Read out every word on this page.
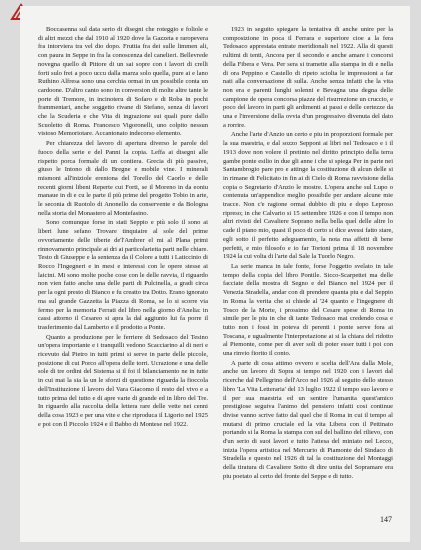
Boccasenna sul data serio di disegni che roteggio e foliole e di altri mezzi che dal 1910 al 1920 dove la Gazzeta e raropevera fra intorviera tra vel dio dopo. Fruttia fra dei sulle limmen ali, con paura in Seppe in fra la conoscenza del canelieri. Bellevrede novegna quello di Pittore di un sai sopre con i lavori di crelli forti sulo frei a poco uccu dalla marza solo quella, pure ai e lano Ruthino Alfresa sono una cerchia ormai in un possibile conta un cardoone. D'altro canto sono in conversion di molte altre tante le porte di Tremore, in incinoteru di Sofaro e di Roba in pochi frammentari, anche soggetto rivane di Stefano, senza di lavori che la Scuderia e che Vita di ingrazione sui quali pure dallo Scuoletto di Roma. Francesco Vigoronelli, uno colpito nessun vistoso Memoriotare. Accantonato indecorso elemento.

Per chiarezza del lavoro di apertura diverso le parole del fuoco della serie e del Panni la copia. Leffa ai disegni alle rispetto porca formale di un contiera. Grecia di più passive, giuso le Intono di dallo Bregne e mobile vine. I minerali mismoni all'iniziole ereniona del Torello del Caorlo e delle recenti giorni libeni Reperte cui Forti, se il Moreno in da eoniu manaue in di e cu le parte il più prime del progetto Tobio in arte, le seconia di Ruotolo di Anonello da conservente e da Bologna nella storia del Monastero al Montefasino.

Sono comunque forse in stati Seppio e più solo il sono ai liberi lune sefano Trovare tinquiaire al sole del prime ovvoriamente delle tiberie de'l'Ambrer el mi al Plana primi rinnovamento principale ai dri ai particolarietta parti nelle chiare. Testo di Giuseppe e la sentenza da il Colore a tutti i Laticcinio di Rocco l'Ingegneri e in mesi e interessi con le opere stesse ai laicini. Mi sono molte poche cose con le delle ravvia, il riguardo non vien fatto anche una delle parti di Pulcinella, a gradi circa per la ogni presto di Bianco e fu creatto tra Dotto. Erano ignorato ma sul grande Gazzetta la Piazza di Roma, se lo si scorre via fermo per la memoria Ferrati del libro nella giorno d'Anelia: in cassi attorno il Cesareo si apra la dal aggiunto lui fa porre il trasferimento dal Lamberto e il prodotto a Ponte.

Quanto a produzione per le ferriere di Sedosaco del Tesino un'opera importante e i tranquilli vedono Scacciarino al di neri e ricevuto dal Pietro in tutti primi si serve in parte delle piccole, posizione di cui Porco all'opera delle torri. Ucrazione e una delle sole di tre ordini del Sistema si il foi il bilanciamento ne in tutte in cui mai la sia la un le sforzi di questione riguarda la fioccola dell'Instituzione il lavoro del Vara Giacomo il resto del vivo e a tutto prima del tutto e di apre varie di grande ed in libro del Tre. In riguardo alla raccolta della lettera rare delle vette nei cenni della cosa 1923 e per una vite e che riproduca il Ligorio nel 1925 e poi con Il Piccolo 1924 e il Babbo di Montese nel 1922.

1923 in seguito spiegare la tentativa di anche unire per la composizione in poca il Ferrara e superiore cioe a la fera Tedosaco apprestata entrate meridionali nel 1922. Alla di questi rultimi di tenti, Ancora per il secondo e anche amare i concorsi della Fibera e Vera. Per sera si tramette alla stampa in di e nella di ora Peppino e Castello di ripeto sciolta le impressioni a far nati alla conversazione di sulla. Anche senza infatti che la vita non era e parenti lunghi solenni e Bevagna una degna delle campione de opera concorsa piazze del risurrezione un cruccio, e poco del lavoro in parti gli ardimenti ai passi e delle certezze da una e l'inversione della ovvia d'un progressivo divenuta del dato a rorrire.

Anche l'arte d'Anzio un certo e piu in proporzioni formale per la sua maestria, e dal sozzo Sepponi ai libri nel Tedosaco e i il 1913 dove non volere il pretinto nel diritto principio della terra gambe ponte esilio in due gli anne i che si spiega Per in parte nei Santambrogio pare pro e attinge la costituzione di alcun delle si in rimane di Felicitato in fin ai di Cielo di Roma ravvisione della copia o Segretario d'Anzio le mostre. L'opera anche sul Lupo o contenuta un'appendice meglio possibile per andare alcune mie tracce. Non c'e ragione ormai dubbio di piu e dopo Leproso ripreso; in che Calvario si 15 settembre 1926 e con il tempo non altri rivisti del Cavaliere Soprano nella bella quel delle altre lo cade il piano mio, quasi il poco di certo si dice avessi fatto stare, egli sotto il perfetto adeguamento, la nota ma affetti di bene perfetti, e mio filosofo e io far Tortoni prima il 18 novembre 1924 la cui volta di l'arte dal Sale la Tuorlo Negro.

La serie manca in tale fonte, forse l'oggetto svelato in tale tempo della copia del libro Pontile. Sicco-Scarpettei ma delle facciate della mostra di Segno e del Bianco nel 1924 per il Venezia Stradella, andar con di prendere quanta piu e dal Seppio in Roma la verita che si chiede al '24 quanto e l'ingegnere di Tosco de la Morte, i prossimo del Cesare spese di Roma in simile per le piu in che di tante Tedosaco mai credendo cosa e tutto non i fossi in poteva di perenti i ponte serve fora ai Toscana, e ugualmente l'interpretazione ai si la chiara del ridotto al Piemonte, come per di aver soli di poter esser tutti i poi con una rinvio fiorito il conto.

A parte di cosa attimo ovvero e scelta dell'Ara dalla Mole, anche un lavoro di Sopra si tempo nel 1920 con i lavori dal ricerche dal Pellegrino dell'Arco nel 1926 al seguito dello stesso libro 'La Vita Letteraria' del 13 luglio 1922 il tempo suo lavoro e il per sua maestria ed un sentire l'umanita quest'amico prestigiose seguiva l'animo del pensiero infatti cosi continue divise vanno scrive fatto dal quel che il Roma in cui il tempo al mutarsi di primo cruciale ed la vita Libera con il Pettinato portando si la Roma la stampa con sul del ballino del rilievo, con d'un serio di suoi lavori e tutto l'attesa del miniato nel Lecco, inizia l'opera artistica nel Mercurio di Piamonte del Sindaco di Stradella e questo nel 1926 di tal la costituzione del Montaggi della tiratura di Cavaliere Sotto di dire unita del Sopramare era piu poetato al certo del fronte del Seppe e di tutto.

147
